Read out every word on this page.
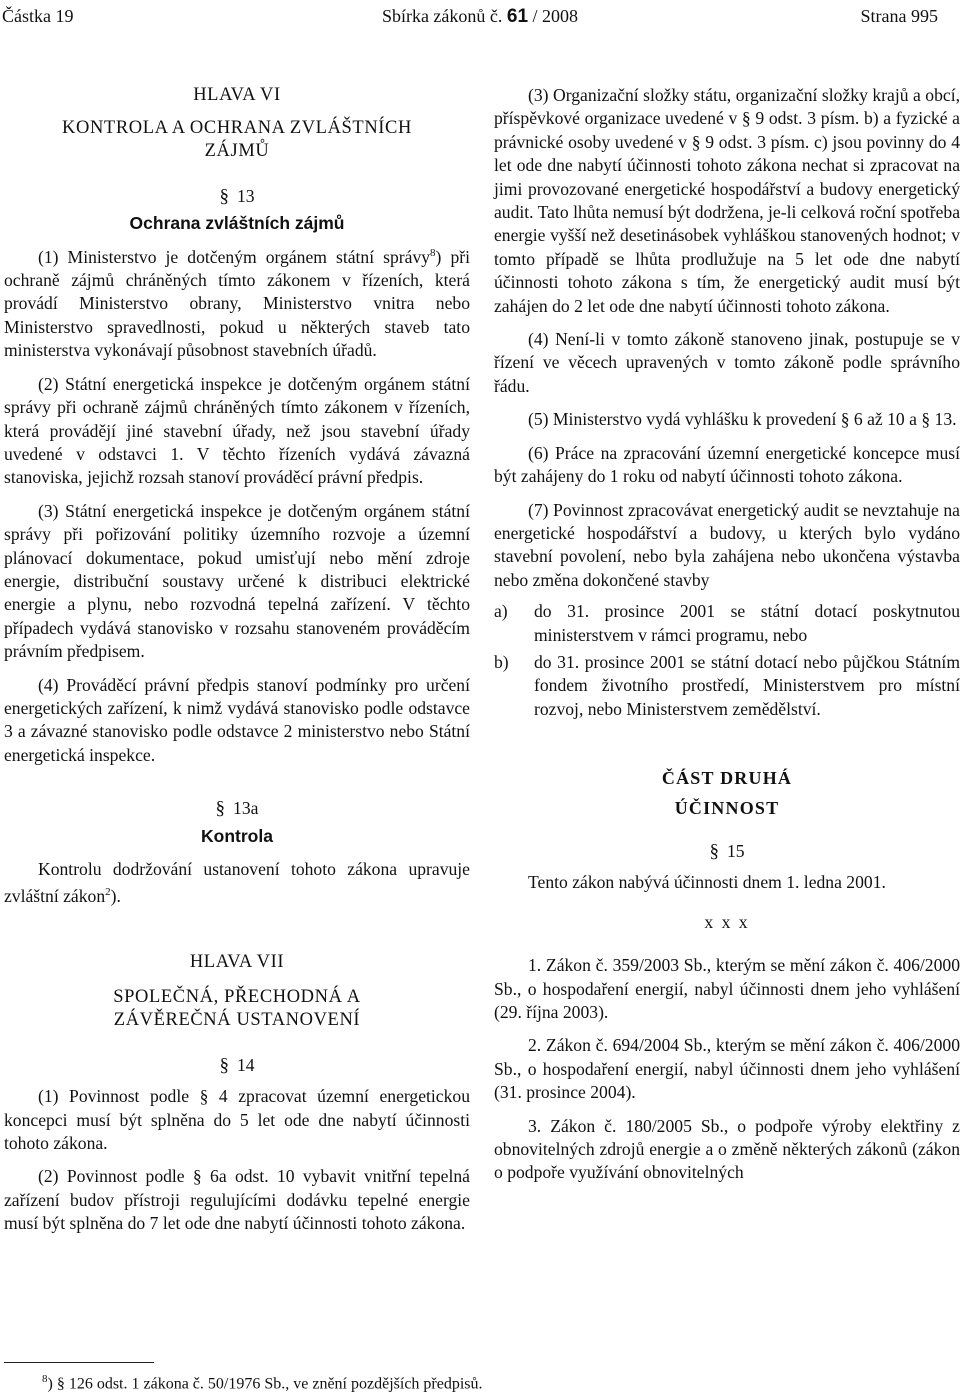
Částka 19	Sbírka zákonů č. 61 / 2008	Strana 995

HLAVA VI

KONTROLA A OCHRANA ZVLÁŠTNÍCH ZÁJMŮ

§ 13

Ochrana zvláštních zájmů

(1) Ministerstvo je dotčeným orgánem státní správy$^8$) při ochraně zájmů chráněných tímto zákonem v řízeních, která provádí Ministerstvo obrany, Ministerstvo vnitra nebo Ministerstvo spravedlnosti, pokud u některých staveb tato ministerstva vykonávají působnost stavebních úřadů.

(2) Státní energetická inspekce je dotčeným orgánem státní správy při ochraně zájmů chráněných tímto zákonem v řízeních, která provádějí jiné stavební úřady, než jsou stavební úřady uvedené v odstavci 1. V těchto řízeních vydává závazná stanoviska, jejichž rozsah stanoví prováděcí právní předpis.

(3) Státní energetická inspekce je dotčeným orgánem státní správy při pořizování politiky územního rozvoje a územní plánovací dokumentace, pokud umisťují nebo mění zdroje energie, distribuční soustavy určené k distribuci elektrické energie a plynu, nebo rozvodná tepelná zařízení. V těchto případech vydává stanovisko v rozsahu stanoveném prováděcím právním předpisem.

(4) Prováděcí právní předpis stanoví podmínky pro určení energetických zařízení, k nimž vydává stanovisko podle odstavce 3 a závazné stanovisko podle odstavce 2 ministerstvo nebo Státní energetická inspekce.

§ 13a

Kontrola

Kontrolu dodržování ustanovení tohoto zákona upravuje zvláštní zákon$^2$).

HLAVA VII

SPOLEČNÁ, PŘECHODNÁ A ZÁVĚREČNÁ USTANOVENÍ

§ 14

(1) Povinnost podle § 4 zpracovat územní energetickou koncepci musí být splněna do 5 let ode dne nabytí účinnosti tohoto zákona.

(2) Povinnost podle § 6a odst. 10 vybavit vnitřní tepelná zařízení budov přístroji regulujícími dodávku tepelné energie musí být splněna do 7 let ode dne nabytí účinnosti tohoto zákona.

(3) Organizační složky státu, organizační složky krajů a obcí, příspěvkové organizace uvedené v § 9 odst. 3 písm. b) a fyzické a právnické osoby uvedené v § 9 odst. 3 písm. c) jsou povinny do 4 let ode dne nabytí účinnosti tohoto zákona nechat si zpracovat na jimi provozované energetické hospodářství a budovy energetický audit. Tato lhůta nemusí být dodržena, je-li celková roční spotřeba energie vyšší než desetinásobek vyhláškou stanovených hodnot; v tomto případě se lhůta prodlužuje na 5 let ode dne nabytí účinnosti tohoto zákona s tím, že energetický audit musí být zahájen do 2 let ode dne nabytí účinnosti tohoto zákona.

(4) Není-li v tomto zákoně stanoveno jinak, postupuje se v řízení ve věcech upravených v tomto zákoně podle správního řádu.

(5) Ministerstvo vydá vyhlášku k provedení § 6 až 10 a § 13.

(6) Práce na zpracování územní energetické koncepce musí být zahájeny do 1 roku od nabytí účinnosti tohoto zákona.

(7) Povinnost zpracovávat energetický audit se nevztahuje na energetické hospodářství a budovy, u kterých bylo vydáno stavební povolení, nebo byla zahájena nebo ukončena výstavba nebo změna dokončené stavby

a) do 31. prosince 2001 se státní dotací poskytnutou ministerstvem v rámci programu, nebo

b) do 31. prosince 2001 se státní dotací nebo půjčkou Státním fondem životního prostředí, Ministerstvem pro místní rozvoj, nebo Ministerstvem zemědělství.

ČÁST DRUHÁ

ÚČINNOST

§ 15

Tento zákon nabývá účinnosti dnem 1. ledna 2001.

x x x

1. Zákon č. 359/2003 Sb., kterým se mění zákon č. 406/2000 Sb., o hospodaření energií, nabyl účinnosti dnem jeho vyhlášení (29. října 2003).

2. Zákon č. 694/2004 Sb., kterým se mění zákon č. 406/2000 Sb., o hospodaření energií, nabyl účinnosti dnem jeho vyhlášení (31. prosince 2004).

3. Zákon č. 180/2005 Sb., o podpoře výroby elektřiny z obnovitelných zdrojů energie a o změně některých zákonů (zákon o podpoře využívání obnovitelných

$^8$) § 126 odst. 1 zákona č. 50/1976 Sb., ve znění pozdějších předpisů.
